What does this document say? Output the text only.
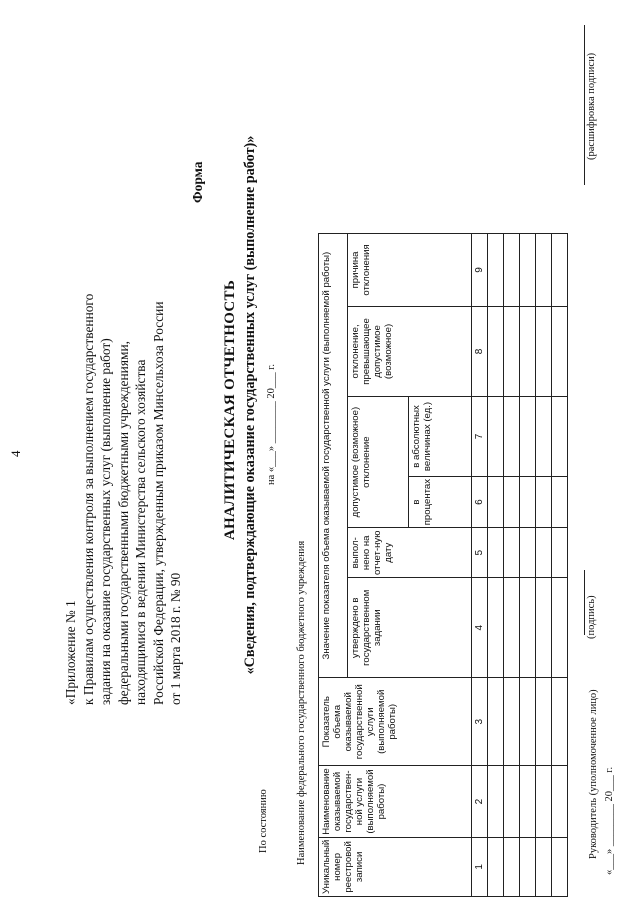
4
«Приложение № 1 к Правилам осуществления контроля за выполнением государственного задания на оказание государственных услуг (выполнение работ) федеральными государственными бюджетными учреждениями, находящимися в ведении Министерства сельского хозяйства Российской Федерации, утвержденным приказом Минсельхоза России от 1 марта 2018 г. № 90
Форма
АНАЛИТИЧЕСКАЯ ОТЧЕТНОСТЬ «Сведения, подтверждающие оказание государственных услуг (выполнение работ)»
По состоянию
на «___» ________ 20___ г.
Наименование федерального государственного бюджетного учреждения
Уникальный номер реестровой записи	Наименование оказываемой государствен-ной услуги (выполняемой работы)	Показатель объема оказываемой государственной услуги (выполняемой работы)	Значение показателя объема оказываемой государственной услуги (выполняемой работы)					
			утверждено в государственном задании	выпол-нено на отчет-ную дату	допустимое (возможное) отклонение		отклонение, превышающее допустимое (возможное)	причина отклонения
					в процентах	в абсолютных величинах (ед.)		
1	2	3	4	5	6	7	8	9

Руководитель (уполномоченное лицо) «___» ________ 20___ г.
(подпись)
(расшифровка подписи)
